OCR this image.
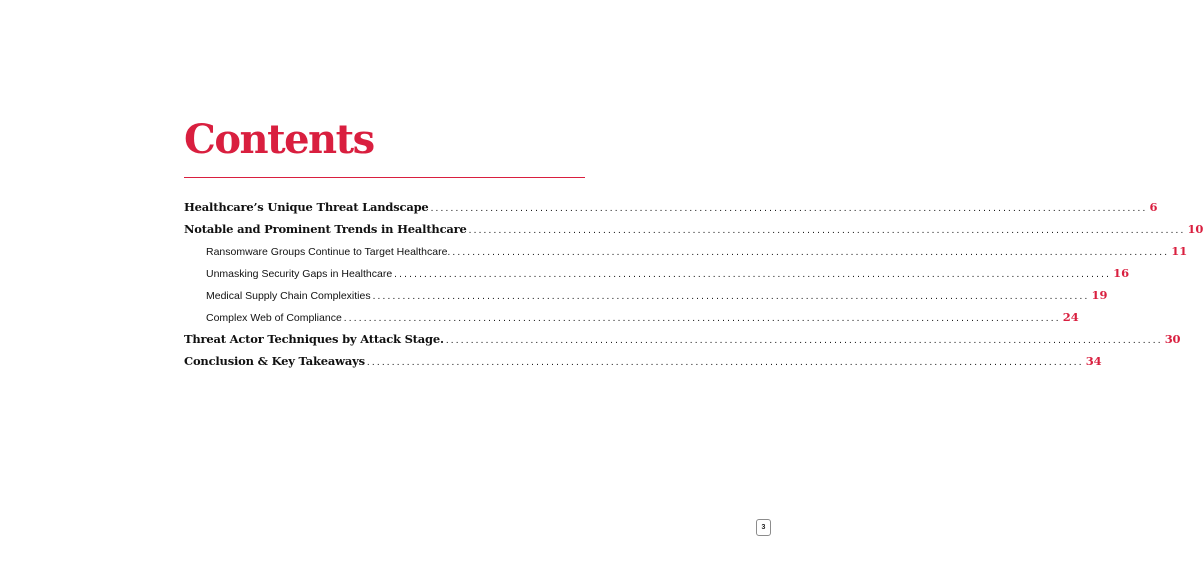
Contents
Healthcare’s Unique Threat Landscape ................................................................................................................................................ 6
Notable and Prominent Trends in Healthcare ................................................................................................................................................ 10
Ransomware Groups Continue to Target Healthcare. ................................................................................................................................................ 11
Unmasking Security Gaps in Healthcare ................................................................................................................................................ 16
Medical Supply Chain Complexities ................................................................................................................................................ 19
Complex Web of Compliance ................................................................................................................................................ 24
Threat Actor Techniques by Attack Stage. ................................................................................................................................................ 30
Conclusion & Key Takeaways ................................................................................................................................................ 34
3
